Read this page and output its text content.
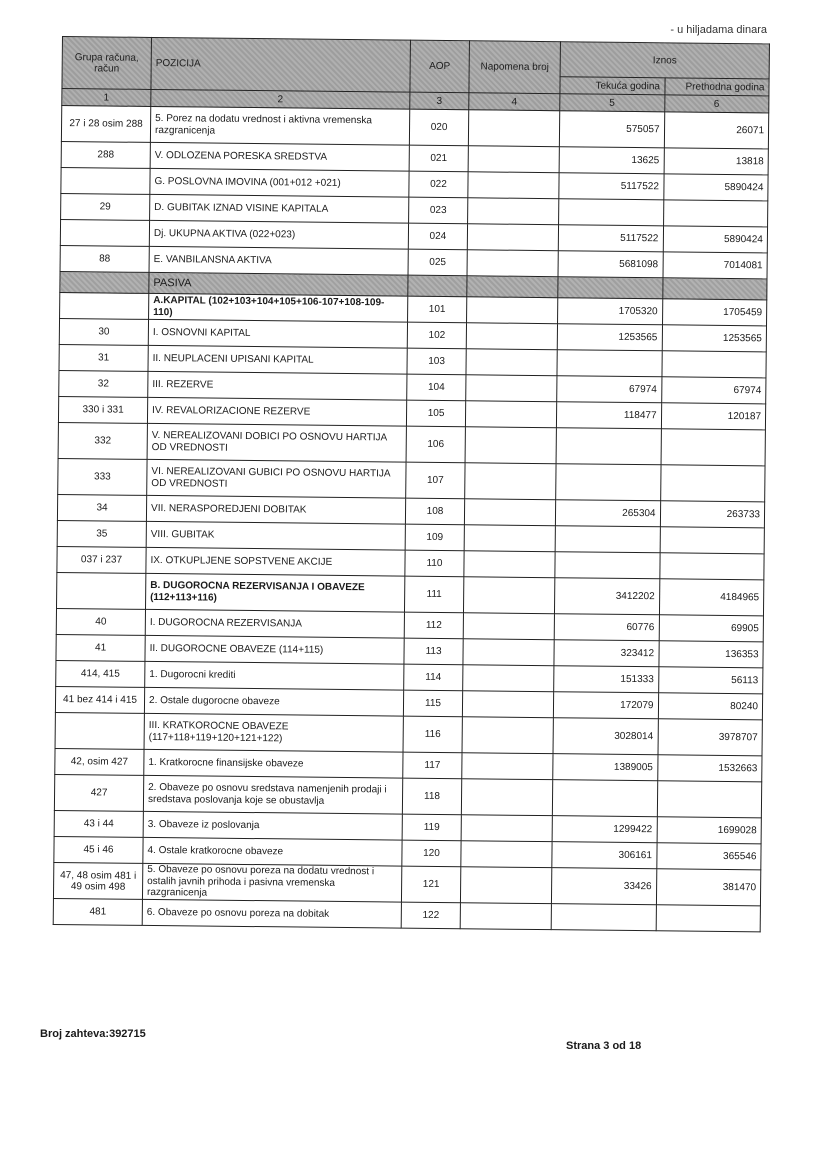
- u hiljadama dinara
Grupa računa, račun	POZICIJA	AOP	Napomena broj	Iznos	
				Tekuća godina	Prethodna godina
1	2	3	4	5	6
27 i 28 osim 288	5. Porez na dodatu vrednost i aktivna vremenska razgranicenja	020		575057	26071
288	V. ODLOZENA PORESKA SREDSTVA	021		13625	13818
	G. POSLOVNA IMOVINA (001+012 +021)	022		5117522	5890424
29	D. GUBITAK IZNAD VISINE KAPITALA	023			
	Dj. UKUPNA AKTIVA (022+023)	024		5117522	5890424
88	E. VANBILANSNA AKTIVA	025		5681098	7014081
	PASIVA				
	A.KAPITAL (102+103+104+105+106-107+108-109-110)	101		1705320	1705459
30	I. OSNOVNI KAPITAL	102		1253565	1253565
31	II. NEUPLACENI UPISANI KAPITAL	103			
32	III. REZERVE	104		67974	67974
330 i 331	IV. REVALORIZACIONE REZERVE	105		118477	120187
332	V. NEREALIZOVANI DOBICI PO OSNOVU HARTIJA OD VREDNOSTI	106			
333	VI. NEREALIZOVANI GUBICI PO OSNOVU HARTIJA OD VREDNOSTI	107			
34	VII. NERASPOREDJENI DOBITAK	108		265304	263733
35	VIII. GUBITAK	109			
037 i 237	IX. OTKUPLJENE SOPSTVENE AKCIJE	110			
	B. DUGOROCNA REZERVISANJA I OBAVEZE (112+113+116)	111		3412202	4184965
40	I. DUGOROCNA REZERVISANJA	112		60776	69905
41	II. DUGOROCNE OBAVEZE (114+115)	113		323412	136353
414, 415	1. Dugorocni krediti	114		151333	56113
41 bez 414 i 415	2. Ostale dugorocne obaveze	115		172079	80240
	III. KRATKOROCNE OBAVEZE (117+118+119+120+121+122)	116		3028014	3978707
42, osim 427	1. Kratkorocne finansijske obaveze	117		1389005	1532663
427	2. Obaveze po osnovu sredstava namenjenih prodaji i sredstava poslovanja koje se obustavlja	118			
43 i 44	3. Obaveze iz poslovanja	119		1299422	1699028
45 i 46	4. Ostale kratkorocne obaveze	120		306161	365546
47, 48 osim 481 i 49 osim 498	5. Obaveze po osnovu poreza na dodatu vrednost i ostalih javnih prihoda i pasivna vremenska razgranicenja	121		33426	381470
481	6. Obaveze po osnovu poreza na dobitak	122			
Broj zahteva:392715
Strana 3 od 18
